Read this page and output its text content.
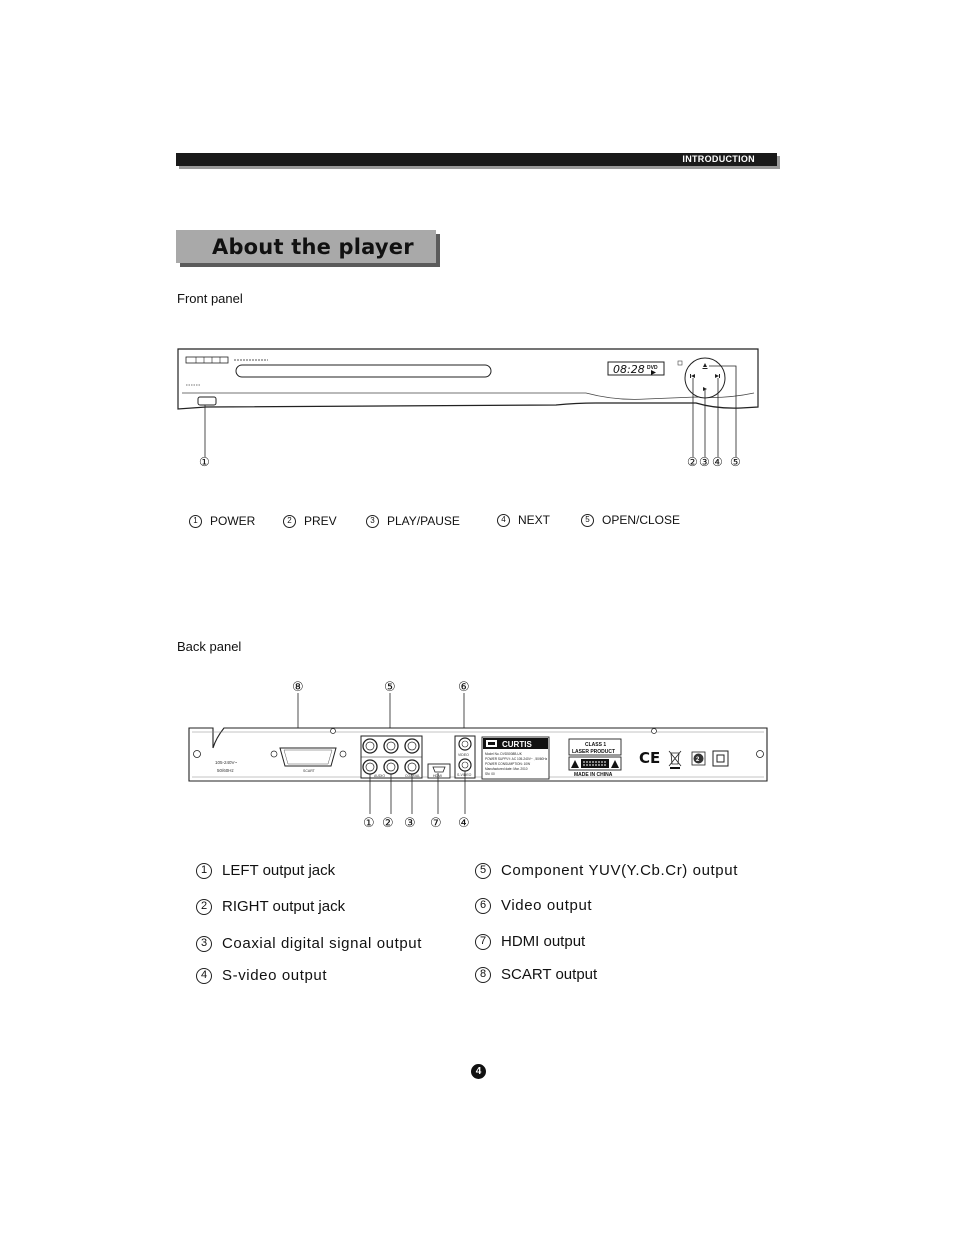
INTRODUCTION
About the player
Front panel
08:28 DVD
①	② ③ ④ ⑤
1	POWER	2	PREV	3	PLAY/PAUSE	4	NEXT	5	OPEN/CLOSE
Back panel
⑧	⑤	⑥
105-240V~
50/60Hz	SCART
AUDIO	COAXIAL	HDMI
VIDEO
S-VIDEO
CURTIS
Model No. DVD5008B-UK
POWER SUPPLY: AC 105-240V~ , 50/60Hz
POWER CONSUMPTION: 10W
Manufactured date: Mar. 2010
SN: 00
CLASS 1
LASER PRODUCT
MADE IN CHINA
CE	2
① ② ③ ⑦ ④
1 LEFT output jack
2 RIGHT output jack
3 Coaxial digital signal output
4 S-video output
5 Component YUV(Y.Cb.Cr) output
6 Video output
7 HDMI output
8 SCART output
4
